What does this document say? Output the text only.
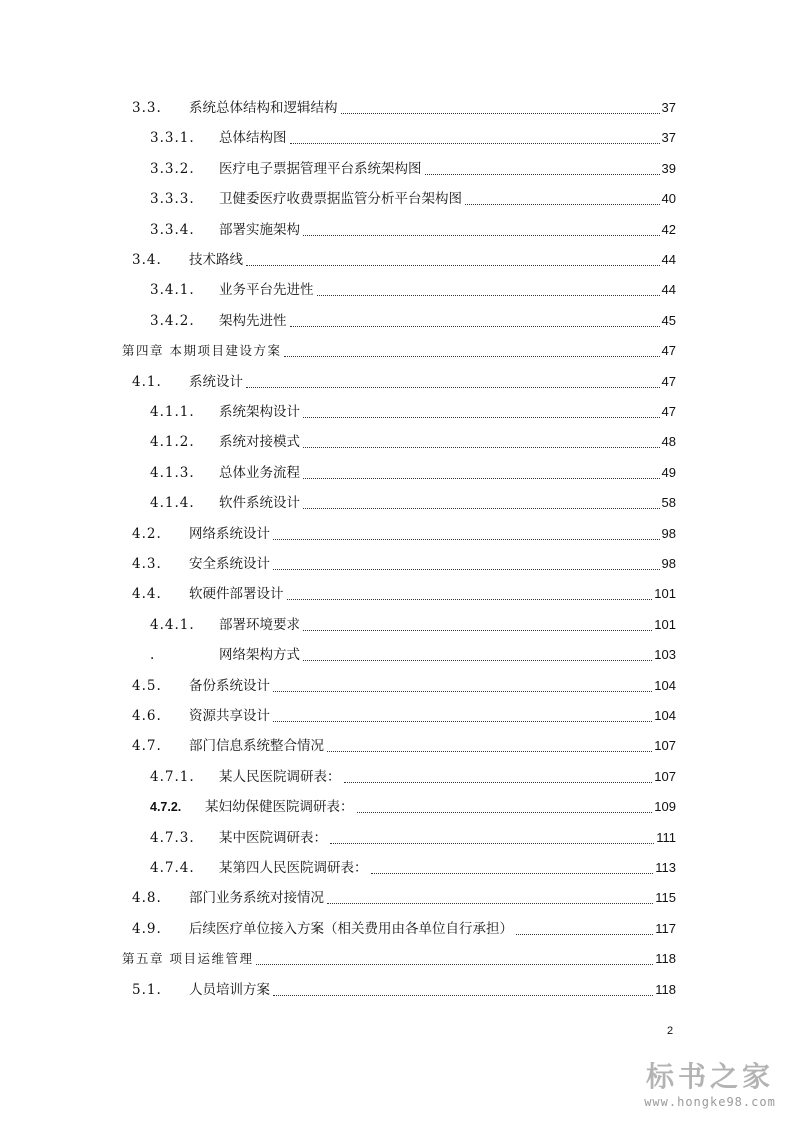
3.3. 系统总体结构和逻辑结构	37
3.3.1. 总体结构图	37
3.3.2. 医疗电子票据管理平台系统架构图	39
3.3.3. 卫健委医疗收费票据监管分析平台架构图	40
3.3.4. 部署实施架构	42
3.4. 技术路线	44
3.4.1. 业务平台先进性	44
3.4.2. 架构先进性	45
第四章 本期项目建设方案	47
4.1. 系统设计	47
4.1.1. 系统架构设计	47
4.1.2. 系统对接模式	48
4.1.3. 总体业务流程	49
4.1.4. 软件系统设计	58
4.2. 网络系统设计	98
4.3. 安全系统设计	98
4.4. 软硬件部署设计	101
4.4.1. 部署环境要求	101
.	网络架构方式	103
4.5. 备份系统设计	104
4.6. 资源共享设计	104
4.7. 部门信息系统整合情况	107
4.7.1. 某人民医院调研表：	107
4.7.2. 某妇幼保健医院调研表：	109
4.7.3. 某中医院调研表：	111
4.7.4. 某第四人民医院调研表：	113
4.8. 部门业务系统对接情况	115
4.9. 后续医疗单位接入方案（相关费用由各单位自行承担）	117
第五章 项目运维管理	118
5.1. 人员培训方案	118
2
标书之家
www.hongke98.com
